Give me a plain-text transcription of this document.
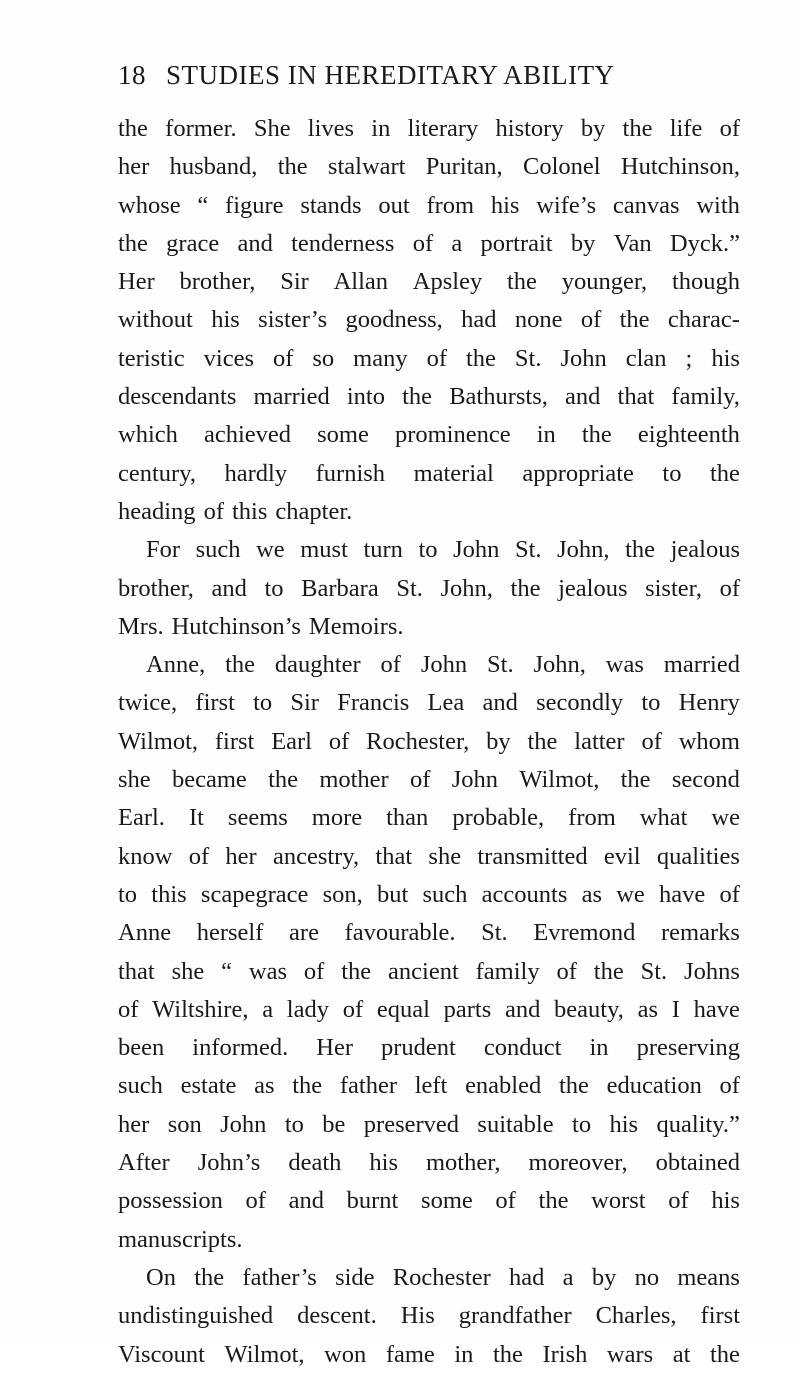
18 STUDIES IN HEREDITARY ABILITY
the former. She lives in literary history by the life of
her husband, the stalwart Puritan, Colonel Hutchinson,
whose “ figure stands out from his wife’s canvas with
the grace and tenderness of a portrait by Van Dyck.”
Her brother, Sir Allan Apsley the younger, though
without his sister’s goodness, had none of the charac-
teristic vices of so many of the St. John clan ; his
descendants married into the Bathursts, and that family,
which achieved some prominence in the eighteenth
century, hardly furnish material appropriate to the
heading of this chapter.
For such we must turn to John St. John, the jealous
brother, and to Barbara St. John, the jealous sister, of
Mrs. Hutchinson’s Memoirs.
Anne, the daughter of John St. John, was married
twice, first to Sir Francis Lea and secondly to Henry
Wilmot, first Earl of Rochester, by the latter of whom
she became the mother of John Wilmot, the second
Earl. It seems more than probable, from what we
know of her ancestry, that she transmitted evil qualities
to this scapegrace son, but such accounts as we have of
Anne herself are favourable. St. Evremond remarks
that she “ was of the ancient family of the St. Johns
of Wiltshire, a lady of equal parts and beauty, as I have
been informed. Her prudent conduct in preserving
such estate as the father left enabled the education of
her son John to be preserved suitable to his quality.”
After John’s death his mother, moreover, obtained
possession of and burnt some of the worst of his
manuscripts.
On the father’s side Rochester had a by no means
undistinguished descent. His grandfather Charles, first
Viscount Wilmot, won fame in the Irish wars at the
